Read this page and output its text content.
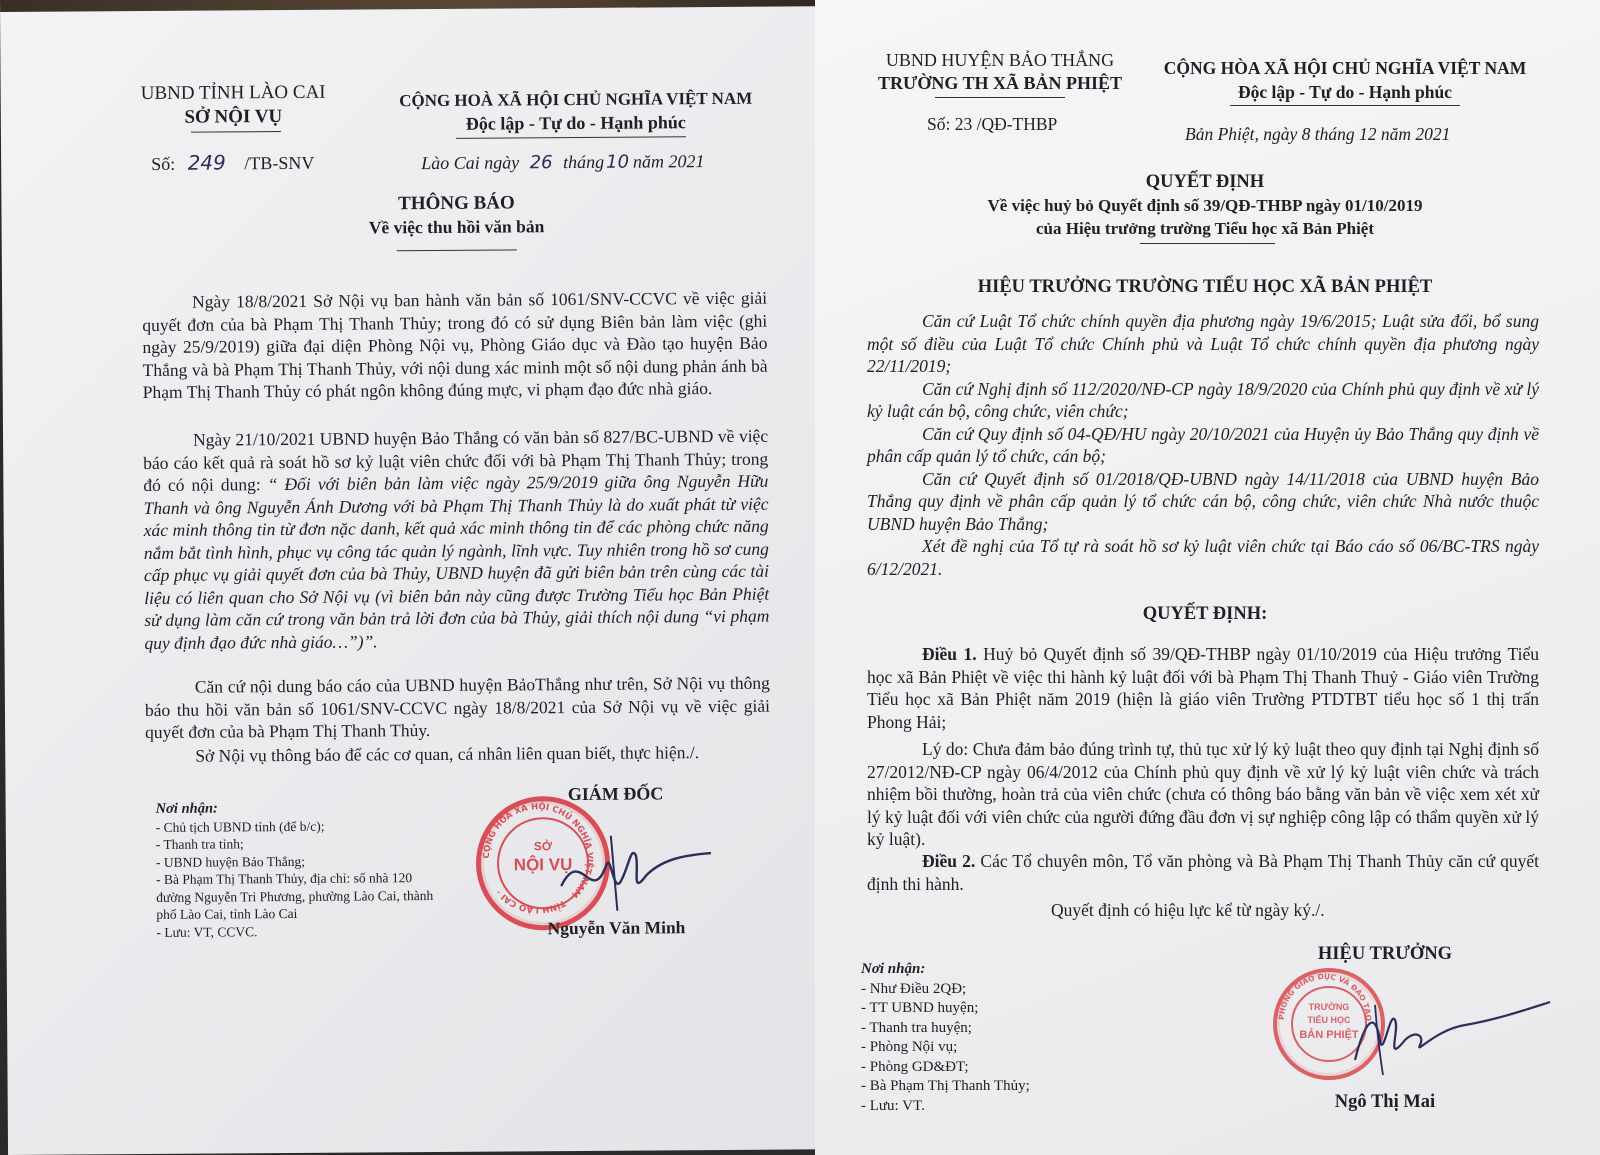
UBND TỈNH LÀO CAI
SỞ NỘI VỤ
CỘNG HOÀ XÃ HỘI CHỦ NGHĨA VIỆT NAM
Độc lập - Tự do - Hạnh phúc
Số: 249 /TB-SNV	Lào Cai ngày 26 tháng 10 năm 2021
THÔNG BÁO
Về việc thu hồi văn bản

Ngày 18/8/2021 Sở Nội vụ ban hành văn bản số 1061/SNV-CCVC về việc giải quyết đơn của bà Phạm Thị Thanh Thủy; trong đó có sử dụng Biên bản làm việc (ghi ngày 25/9/2019) giữa đại diện Phòng Nội vụ, Phòng Giáo dục và Đào tạo huyện Bảo Thắng và bà Phạm Thị Thanh Thủy, với nội dung xác minh một số nội dung phản ánh bà Phạm Thị Thanh Thủy có phát ngôn không đúng mực, vi phạm đạo đức nhà giáo.

Ngày 21/10/2021 UBND huyện Bảo Thắng có văn bản số 827/BC-UBND về việc báo cáo kết quả rà soát hồ sơ kỷ luật viên chức đối với bà Phạm Thị Thanh Thủy; trong đó có nội dung: “ Đối với biên bản làm việc ngày 25/9/2019 giữa ông Nguyễn Hữu Thanh và ông Nguyễn Ánh Dương với bà Phạm Thị Thanh Thủy là do xuất phát từ việc xác minh thông tin từ đơn nặc danh, kết quả xác minh thông tin để các phòng chức năng nắm bắt tình hình, phục vụ công tác quản lý ngành, lĩnh vực. Tuy nhiên trong hồ sơ cung cấp phục vụ giải quyết đơn của bà Thủy, UBND huyện đã gửi biên bản trên cùng các tài liệu có liên quan cho Sở Nội vụ (vì biên bản này cũng được Trường Tiểu học Bản Phiệt sử dụng làm căn cứ trong văn bản trả lời đơn của bà Thủy, giải thích nội dung “vi phạm quy định đạo đức nhà giáo…”)”.

Căn cứ nội dung báo cáo của UBND huyện BảoThắng như trên, Sở Nội vụ thông báo thu hồi văn bản số 1061/SNV-CCVC ngày 18/8/2021 của Sở Nội vụ về việc giải quyết đơn của bà Phạm Thị Thanh Thủy.

Sở Nội vụ thông báo để các cơ quan, cá nhân liên quan biết, thực hiện./.

Nơi nhận:

- Chủ tịch UBND tỉnh (để b/c);

- Thanh tra tỉnh;

- UBND huyện Bảo Thắng;

- Bà Phạm Thị Thanh Thủy, địa chỉ: số nhà 120 đường Nguyễn Tri Phương, phường Lào Cai, thành phố Lào Cai, tỉnh Lào Cai

- Lưu: VT, CCVC.

GIÁM ĐỐC
CỘNG HÒA XÃ HỘI CHỦ NGHĨA VIỆT NAM · TỈNH LÀO CAI ·
SỞ
NỘI VỤ
Nguyễn Văn Minh
UBND HUYỆN BẢO THẮNG
TRƯỜNG TH XÃ BẢN PHIỆT
CỘNG HÒA XÃ HỘI CHỦ NGHĨA VIỆT NAM
Độc lập - Tự do - Hạnh phúc
Số: 23 /QĐ-THBP	Bản Phiệt, ngày 8 tháng 12 năm 2021
QUYẾT ĐỊNH
Về việc huỷ bỏ Quyết định số 39/QĐ-THBP ngày 01/10/2019
của Hiệu trưởng trường Tiểu học xã Bản Phiệt
HIỆU TRƯỞNG TRƯỜNG TIỂU HỌC XÃ BẢN PHIỆT

Căn cứ Luật Tổ chức chính quyền địa phương ngày 19/6/2015; Luật sửa đổi, bổ sung một số điều của Luật Tổ chức Chính phủ và Luật Tổ chức chính quyền địa phương ngày 22/11/2019;

Căn cứ Nghị định số 112/2020/NĐ-CP ngày 18/9/2020 của Chính phủ quy định về xử lý kỷ luật cán bộ, công chức, viên chức;

Căn cứ Quy định số 04-QĐ/HU ngày 20/10/2021 của Huyện ủy Bảo Thắng quy định về phân cấp quản lý tổ chức, cán bộ;

Căn cứ Quyết định số 01/2018/QĐ-UBND ngày 14/11/2018 của UBND huyện Bảo Thắng quy định về phân cấp quản lý tổ chức cán bộ, công chức, viên chức Nhà nước thuộc UBND huyện Bảo Thắng;

Xét đề nghị của Tổ tự rà soát hồ sơ kỷ luật viên chức tại Báo cáo số 06/BC-TRS ngày 6/12/2021.

QUYẾT ĐỊNH:

Điều 1. Huỷ bỏ Quyết định số 39/QĐ-THBP ngày 01/10/2019 của Hiệu trưởng Tiểu học xã Bản Phiệt về việc thi hành kỷ luật đối với bà Phạm Thị Thanh Thuỷ - Giáo viên Trường Tiểu học xã Bản Phiệt năm 2019 (hiện là giáo viên Trường PTDTBT tiểu học số 1 thị trấn Phong Hải;

Lý do: Chưa đảm bảo đúng trình tự, thủ tục xử lý kỷ luật theo quy định tại Nghị định số 27/2012/NĐ-CP ngày 06/4/2012 của Chính phủ quy định về xử lý kỷ luật viên chức và trách nhiệm bồi thường, hoàn trả của viên chức (chưa có thông báo bằng văn bản về việc xem xét xử lý kỷ luật đối với viên chức của người đứng đầu đơn vị sự nghiệp công lập có thẩm quyền xử lý kỷ luật).

Điều 2. Các Tổ chuyên môn, Tổ văn phòng và Bà Phạm Thị Thanh Thủy căn cứ quyết định thi hành.

Quyết định có hiệu lực kể từ ngày ký./.

Nơi nhận:

- Như Điều 2QĐ;

- TT UBND huyện;

- Thanh tra huyện;

- Phòng Nội vụ;

- Phòng GD&ĐT;

- Bà Phạm Thị Thanh Thủy;

- Lưu: VT.

HIỆU TRƯỞNG
PHÒNG GIÁO DỤC VÀ ĐÀO TẠO
TRƯỜNG
TIỂU HỌC
BẢN PHIỆT
Ngô Thị Mai
